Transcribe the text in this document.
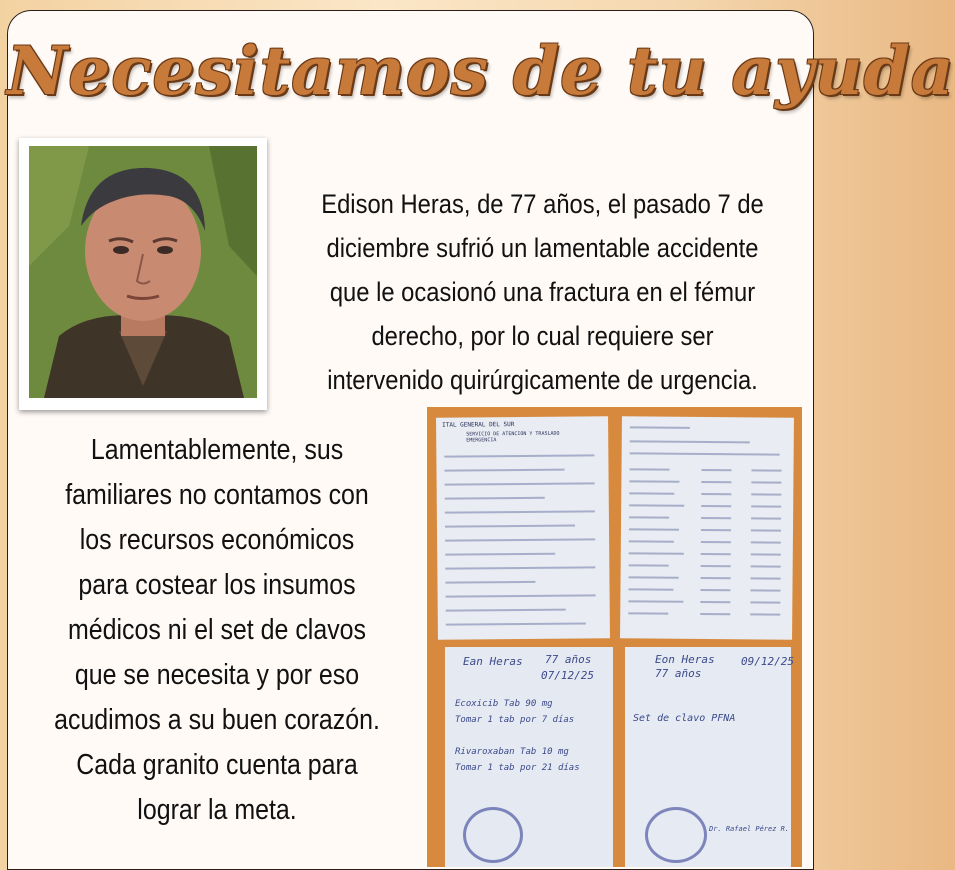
Necesitamos de tu ayuda
Edison Heras, de 77 años, el pasado 7 de
diciembre sufrió un lamentable accidente
que le ocasionó una fractura en el fémur
derecho, por lo cual requiere ser
intervenido quirúrgicamente de urgencia.
Lamentablemente, sus
familiares no contamos con
los recursos económicos
para costear los insumos
médicos ni el set de clavos
que se necesita y por eso
acudimos a su buen corazón.
Cada granito cuenta para
lograr la meta.
ITAL GENERAL DEL SUR
SERVICIO DE ATENCION Y TRASLADO EMERGENCIA
Ean Heras 77 años
07/12/25
Ecoxicib Tab 90 mg
Tomar 1 tab por 7 días
Rivaroxaban Tab 10 mg
Tomar 1 tab por 21 días
Eon Heras
77 años
09/12/25
Set de clavo PFNA
Dr. Rafael Pérez R.
